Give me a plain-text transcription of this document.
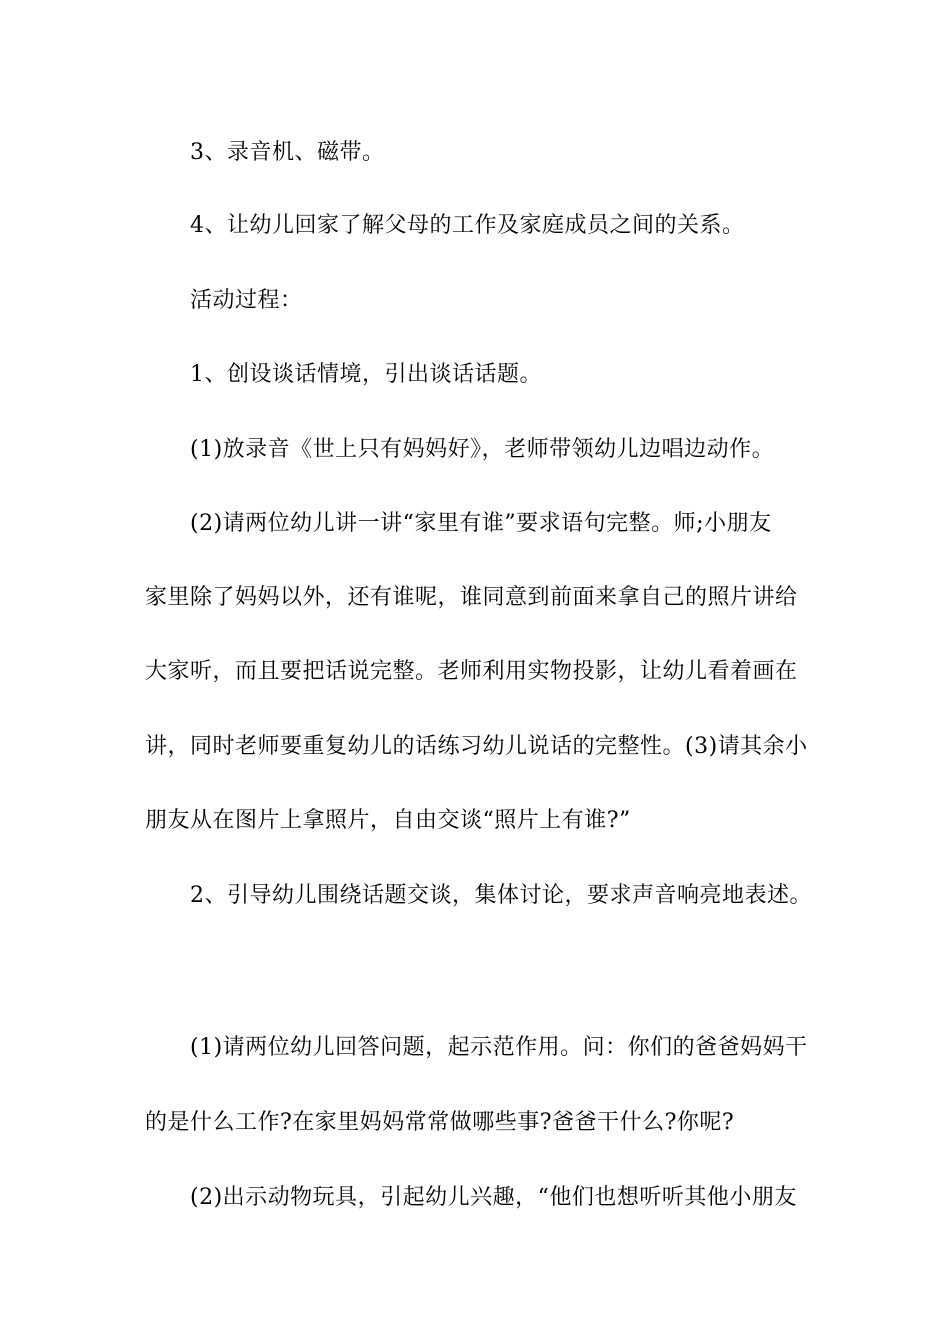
3、录音机、磁带。
4、让幼儿回家了解父母的工作及家庭成员之间的关系。
活动过程：
1、创设谈话情境，引出谈话话题。
(1)放录音《世上只有妈妈好》，老师带领幼儿边唱边动作。
(2)请两位幼儿讲一讲“家里有谁”要求语句完整。师;小朋友
家里除了妈妈以外，还有谁呢，谁同意到前面来拿自己的照片讲给
大家听，而且要把话说完整。老师利用实物投影，让幼儿看着画在
讲，同时老师要重复幼儿的话练习幼儿说话的完整性。(3)请其余小
朋友从在图片上拿照片，自由交谈“照片上有谁?”
2、引导幼儿围绕话题交谈，集体讨论，要求声音响亮地表述。
(1)请两位幼儿回答问题，起示范作用。问：你们的爸爸妈妈干
的是什么工作?在家里妈妈常常做哪些事?爸爸干什么?你呢?
(2)出示动物玩具，引起幼儿兴趣，“他们也想听听其他小朋友
